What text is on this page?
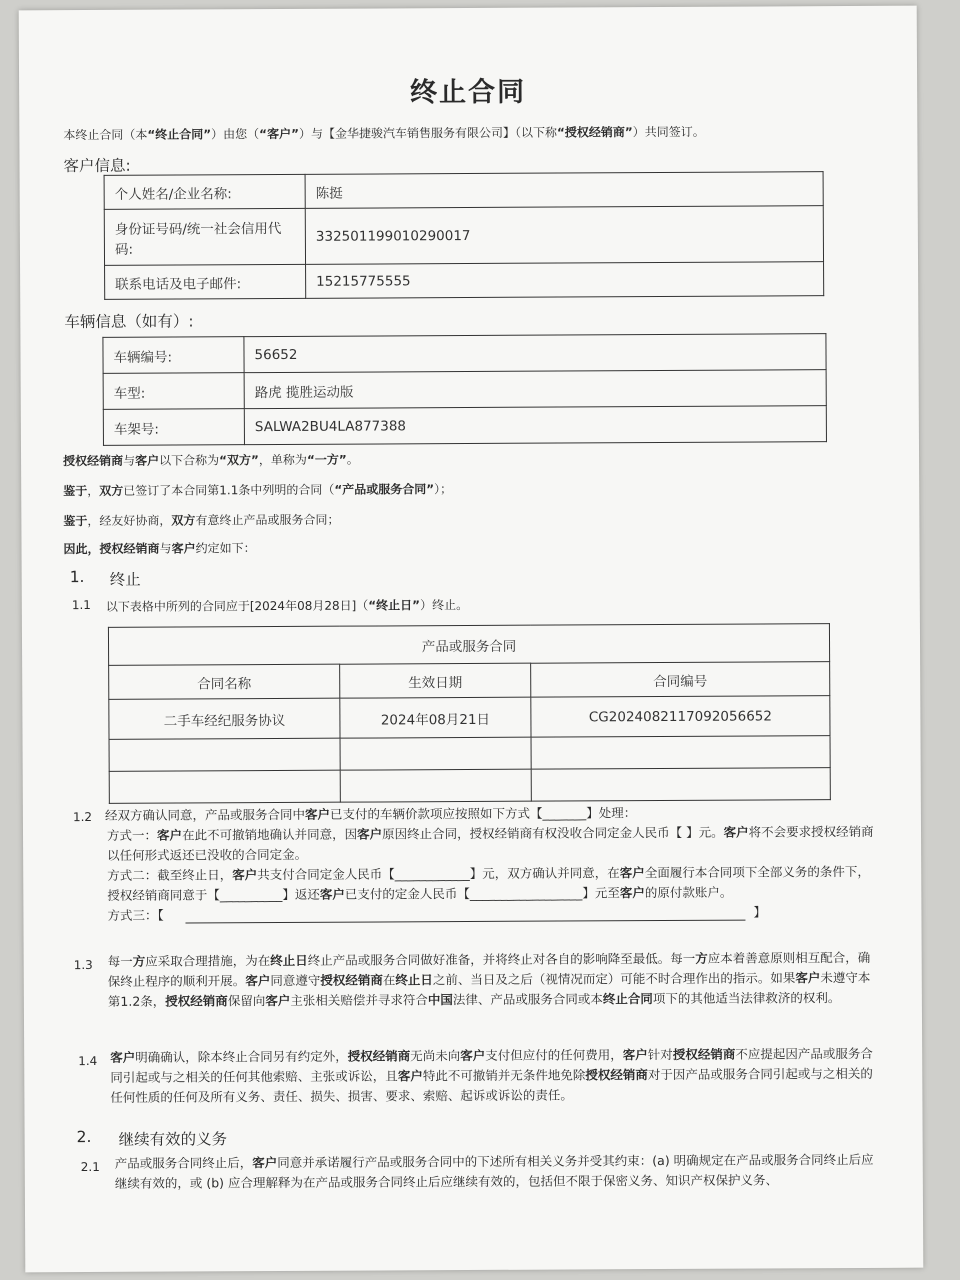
终止合同
本终止合同（本“终止合同”）由您（“客户”）与【金华捷骏汽车销售服务有限公司】（以下称“授权经销商”）共同签订。
客户信息:
个人姓名/企业名称:	陈挺
身份证号码/统一社会信用代码:	332501199010290017
联系电话及电子邮件:	15215775555
车辆信息（如有）:
车辆编号:	56652
车型:	路虎 揽胜运动版
车架号:	SALWA2BU4LA877388
授权经销商与客户以下合称为“双方”，单称为“一方”。
鉴于，双方已签订了本合同第1.1条中列明的合同（“产品或服务合同”）；
鉴于，经友好协商，双方有意终止产品或服务合同；
因此，授权经销商与客户约定如下：
1. 终止
1.1 以下表格中所列的合同应于[2024年08月28日]（“终止日”）终止。
产品或服务合同		
合同名称	生效日期	合同编号
二手车经纪服务协议	2024年08月21日	CG2024082117092056652

1.2 经双方确认同意，产品或服务合同中客户已支付的车辆价款项应按照如下方式【_______】处理：
方式一：客户在此不可撤销地确认并同意，因客户原因终止合同，授权经销商有权没收合同定金人民币【 】元。客户将不会要求授权经销商以任何形式返还已没收的合同定金。
方式二：截至终止日，客户共支付合同定金人民币【____________】元，双方确认并同意，在客户全面履行本合同项下全部义务的条件下，授权经销商同意于【__________】返还客户已支付的定金人民币【__________________】元至客户的原付款账户。
方式三：【	】
1.3 每一方应采取合理措施，为在终止日终止产品或服务合同做好准备，并将终止对各自的影响降至最低。每一方应本着善意原则相互配合，确保终止程序的顺利开展。客户同意遵守授权经销商在终止日之前、当日及之后（视情况而定）可能不时合理作出的指示。如果客户未遵守本第1.2条，授权经销商保留向客户主张相关赔偿并寻求符合中国法律、产品或服务合同或本终止合同项下的其他适当法律救济的权利。
1.4 客户明确确认，除本终止合同另有约定外，授权经销商无尚未向客户支付但应付的任何费用，客户针对授权经销商不应提起因产品或服务合同引起或与之相关的任何其他索赔、主张或诉讼，且客户特此不可撤销并无条件地免除授权经销商对于因产品或服务合同引起或与之相关的任何性质的任何及所有义务、责任、损失、损害、要求、索赔、起诉或诉讼的责任。
2. 继续有效的义务
2.1 产品或服务合同终止后，客户同意并承诺履行产品或服务合同中的下述所有相关义务并受其约束：(a) 明确规定在产品或服务合同终止后应继续有效的，或 (b) 应合理解释为在产品或服务合同终止后应继续有效的，包括但不限于保密义务、知识产权保护义务、
